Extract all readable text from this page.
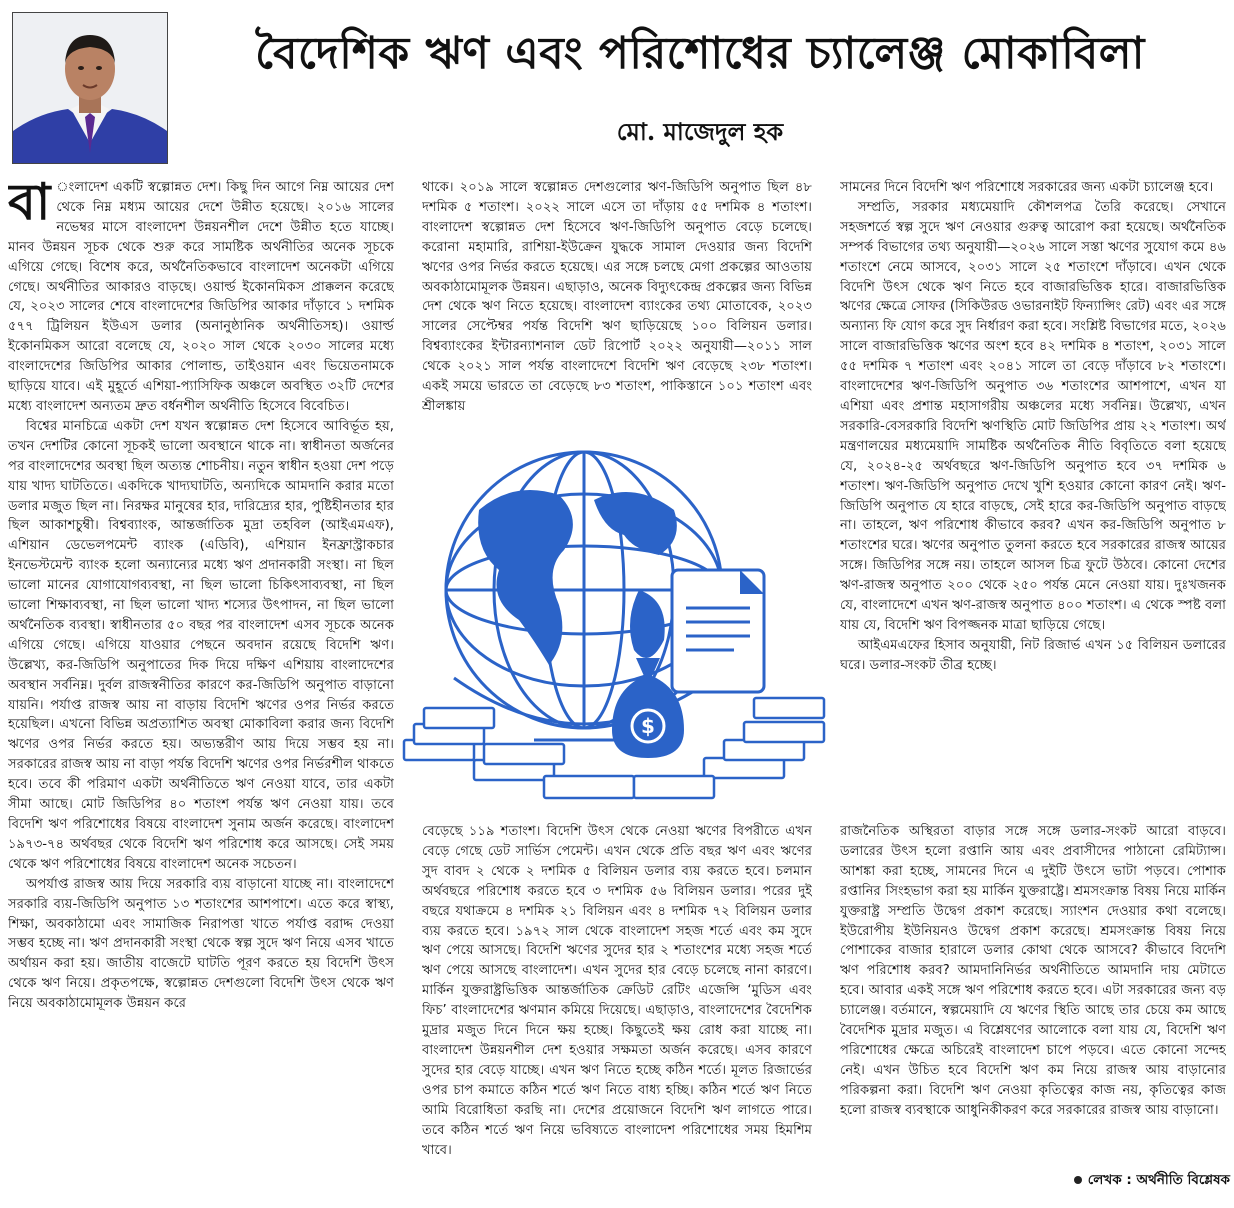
বৈদেশিক ঋণ এবং পরিশোধের চ্যালেঞ্জ মোকাবিলা
মো. মাজেদুল হক

বা ংলাদেশ একটি স্বল্পোন্নত দেশ। কিছু দিন আগে নিম্ন আয়ের দেশ থেকে নিম্ন মধ্যম আয়ের দেশে উন্নীত হয়েছে। ২০১৬ সালের নভেম্বর মাসে বাংলাদেশ উন্নয়নশীল দেশে উন্নীত হতে যাচ্ছে। মানব উন্নয়ন সূচক থেকে শুরু করে সামষ্টিক অর্থনীতির অনেক সূচকে এগিয়ে গেছে। বিশেষ করে, অর্থনৈতিকভাবে বাংলাদেশ অনেকটা এগিয়ে গেছে। অর্থনীতির আকারও বাড়ছে। ওয়ার্ল্ড ইকোনমিকস প্রাক্কলন করেছে যে, ২০২৩ সালের শেষে বাংলাদেশের জিডিপির আকার দাঁড়াবে ১ দশমিক ৫৭৭ ট্রিলিয়ন ইউএস ডলার (অনানুষ্ঠানিক অর্থনীতিসহ)। ওয়ার্ল্ড ইকোনমিকস আরো বলেছে যে, ২০২০ সাল থেকে ২০৩০ সালের মধ্যে বাংলাদেশের জিডিপির আকার পোলান্ড, তাইওয়ান এবং ভিয়েতনামকে ছাড়িয়ে যাবে। এই মুহূর্তে এশিয়া-প্যাসিফিক অঞ্চলে অবস্থিত ৩২টি দেশের মধ্যে বাংলাদেশ অন্যতম দ্রুত বর্ধনশীল অর্থনীতি হিসেবে বিবেচিত।

বিশ্বের মানচিত্রে একটা দেশ যখন স্বল্পোন্নত দেশ হিসেবে আবির্ভূত হয়, তখন দেশটির কোনো সূচকই ভালো অবস্থানে থাকে না। স্বাধীনতা অর্জনের পর বাংলাদেশের অবস্থা ছিল অত্যন্ত শোচনীয়। নতুন স্বাধীন হওয়া দেশ পড়ে যায় খাদ্য ঘাটতিতে। একদিকে খাদ্যঘাটতি, অন্যদিকে আমদানি করার মতো ডলার মজুত ছিল না। নিরক্ষর মানুষের হার, দারিদ্র্যের হার, পুষ্টিহীনতার হার ছিল আকাশচুম্বী। বিশ্বব্যাংক, আন্তর্জাতিক মুদ্রা তহবিল (আইএমএফ), এশিয়ান ডেভেলপমেন্ট ব্যাংক (এডিবি), এশিয়ান ইনফ্রাস্ট্রাকচার ইনভেস্টমেন্ট ব্যাংক হলো অন্যান্যের মধ্যে ঋণ প্রদানকারী সংস্থা। না ছিল ভালো মানের যোগাযোগব্যবস্থা, না ছিল ভালো চিকিৎসাব্যবস্থা, না ছিল ভালো শিক্ষাব্যবস্থা, না ছিল ভালো খাদ্য শস্যের উৎপাদন, না ছিল ভালো অর্থনৈতিক ব্যবস্থা। স্বাধীনতার ৫০ বছর পর বাংলাদেশ এসব সূচকে অনেক এগিয়ে গেছে। এগিয়ে যাওয়ার পেছনে অবদান রয়েছে বিদেশি ঋণ। উল্লেখ্য, কর-জিডিপি অনুপাতের দিক দিয়ে দক্ষিণ এশিয়ায় বাংলাদেশের অবস্থান সর্বনিম্ন। দুর্বল রাজস্বনীতির কারণে কর-জিডিপি অনুপাত বাড়ানো যায়নি। পর্যাপ্ত রাজস্ব আয় না বাড়ায় বিদেশি ঋণের ওপর নির্ভর করতে হয়েছিল। এখনো বিভিন্ন অপ্রত্যাশিত অবস্থা মোকাবিলা করার জন্য বিদেশি ঋণের ওপর নির্ভর করতে হয়। অভ্যন্তরীণ আয় দিয়ে সম্ভব হয় না। সরকারের রাজস্ব আয় না বাড়া পর্যন্ত বিদেশি ঋণের ওপর নির্ভরশীল থাকতে হবে। তবে কী পরিমাণ একটা অর্থনীতিতে ঋণ নেওয়া যাবে, তার একটা সীমা আছে। মোট জিডিপির ৪০ শতাংশ পর্যন্ত ঋণ নেওয়া যায়। তবে বিদেশি ঋণ পরিশোধের বিষয়ে বাংলাদেশ সুনাম অর্জন করেছে। বাংলাদেশ ১৯৭৩-৭৪ অর্থবছর থেকে বিদেশি ঋণ পরিশোধ করে আসছে। সেই সময় থেকে ঋণ পরিশোধের বিষয়ে বাংলাদেশ অনেক সচেতন।

অপর্যাপ্ত রাজস্ব আয় দিয়ে সরকারি ব্যয় বাড়ানো যাচ্ছে না। বাংলাদেশে সরকারি ব্যয়-জিডিপি অনুপাত ১৩ শতাংশের আশপাশে। এতে করে স্বাস্থ্য, শিক্ষা, অবকাঠামো এবং সামাজিক নিরাপত্তা খাতে পর্যাপ্ত বরাদ্দ দেওয়া সম্ভব হচ্ছে না। ঋণ প্রদানকারী সংস্থা থেকে স্বল্প সুদে ঋণ নিয়ে এসব খাতে অর্থায়ন করা হয়। জাতীয় বাজেটে ঘাটতি পূরণ করতে হয় বিদেশি উৎস থেকে ঋণ নিয়ে। প্রকৃতপক্ষে, স্বল্পোন্নত দেশগুলো বিদেশি উৎস থেকে ঋণ নিয়ে অবকাঠামোমূলক উন্নয়ন করে

থাকে। ২০১৯ সালে স্বল্পোন্নত দেশগুলোর ঋণ-জিডিপি অনুপাত ছিল ৪৮ দশমিক ৫ শতাংশ। ২০২২ সালে এসে তা দাঁড়ায় ৫৫ দশমিক ৪ শতাংশ। বাংলাদেশ স্বল্পোন্নত দেশ হিসেবে ঋণ-জিডিপি অনুপাত বেড়ে চলেছে। করোনা মহামারি, রাশিয়া-ইউক্রেন যুদ্ধকে সামাল দেওয়ার জন্য বিদেশি ঋণের ওপর নির্ভর করতে হয়েছে। এর সঙ্গে চলছে মেগা প্রকল্পের আওতায় অবকাঠামোমূলক উন্নয়ন। এছাড়াও, অনেক বিদ্যুৎকেন্দ্র প্রকল্পের জন্য বিভিন্ন দেশ থেকে ঋণ নিতে হয়েছে। বাংলাদেশ ব্যাংকের তথ্য মোতাবেক, ২০২৩ সালের সেপ্টেম্বর পর্যন্ত বিদেশি ঋণ ছাড়িয়েছে ১০০ বিলিয়ন ডলার। বিশ্বব্যাংকের ইন্টারন্যাশনাল ডেট রিপোর্ট ২০২২ অনুযায়ী—২০১১ সাল থেকে ২০২১ সাল পর্যন্ত বাংলাদেশে বিদেশি ঋণ বেড়েছে ২৩৮ শতাংশ। একই সময়ে ভারতে তা বেড়েছে ৮৩ শতাংশ, পাকিস্তানে ১০১ শতাংশ এবং শ্রীলঙ্কায়

$

বেড়েছে ১১৯ শতাংশ। বিদেশি উৎস থেকে নেওয়া ঋণের বিপরীতে এখন বেড়ে গেছে ডেট সার্ভিস পেমেন্ট। এখন থেকে প্রতি বছর ঋণ এবং ঋণের সুদ বাবদ ২ থেকে ২ দশমিক ৫ বিলিয়ন ডলার ব্যয় করতে হবে। চলমান অর্থবছরে পরিশোধ করতে হবে ৩ দশমিক ৫৬ বিলিয়ন ডলার। পরের দুই বছরে যথাক্রমে ৪ দশমিক ২১ বিলিয়ন এবং ৪ দশমিক ৭২ বিলিয়ন ডলার ব্যয় করতে হবে। ১৯৭২ সাল থেকে বাংলাদেশ সহজ শর্তে এবং কম সুদে ঋণ পেয়ে আসছে। বিদেশি ঋণের সুদের হার ২ শতাংশের মধ্যে সহজ শর্তে ঋণ পেয়ে আসছে বাংলাদেশ। এখন সুদের হার বেড়ে চলেছে নানা কারণে। মার্কিন যুক্তরাষ্ট্রভিত্তিক আন্তর্জাতিক ক্রেডিট রেটিং এজেন্সি ‘মুডিস এবং ফিচ’ বাংলাদেশের ঋণমান কমিয়ে দিয়েছে। এছাড়াও, বাংলাদেশের বৈদেশিক মুদ্রার মজুত দিনে দিনে ক্ষয় হচ্ছে। কিছুতেই ক্ষয় রোধ করা যাচ্ছে না। বাংলাদেশ উন্নয়নশীল দেশ হওয়ার সক্ষমতা অর্জন করেছে। এসব কারণে সুদের হার বেড়ে যাচ্ছে। এখন ঋণ নিতে হচ্ছে কঠিন শর্তে। মূলত রিজার্ভের ওপর চাপ কমাতে কঠিন শর্তে ঋণ নিতে বাধ্য হচ্ছি। কঠিন শর্তে ঋণ নিতে আমি বিরোধিতা করছি না। দেশের প্রয়োজনে বিদেশি ঋণ লাগতে পারে। তবে কঠিন শর্তে ঋণ নিয়ে ভবিষ্যতে বাংলাদেশ পরিশোধের সময় হিমশিম খাবে।

সামনের দিনে বিদেশি ঋণ পরিশোধে সরকারের জন্য একটা চ্যালেঞ্জ হবে।

সম্প্রতি, সরকার মধ্যমেয়াদি কৌশলপত্র তৈরি করেছে। সেখানে সহজশর্তে স্বল্প সুদে ঋণ নেওয়ার গুরুত্ব আরোপ করা হয়েছে। অর্থনৈতিক সম্পর্ক বিভাগের তথ্য অনুযায়ী—২০২৬ সালে সস্তা ঋণের সুযোগ কমে ৪৬ শতাংশে নেমে আসবে, ২০৩১ সালে ২৫ শতাংশে দাঁড়াবে। এখন থেকে বিদেশি উৎস থেকে ঋণ নিতে হবে বাজারভিত্তিক হারে। বাজারভিত্তিক ঋণের ক্ষেত্রে সোফর (সিকিউরড ওভারনাইট ফিন্যান্সিং রেট) এবং এর সঙ্গে অন্যান্য ফি যোগ করে সুদ নির্ধারণ করা হবে। সংশ্লিষ্ট বিভাগের মতে, ২০২৬ সালে বাজারভিত্তিক ঋণের অংশ হবে ৪২ দশমিক ৪ শতাংশ, ২০৩১ সালে ৫৫ দশমিক ৭ শতাংশ এবং ২০৪১ সালে তা বেড়ে দাঁড়াবে ৮২ শতাংশে। বাংলাদেশের ঋণ-জিডিপি অনুপাত ৩৬ শতাংশের আশপাশে, এখন যা এশিয়া এবং প্রশান্ত মহাসাগরীয় অঞ্চলের মধ্যে সর্বনিম্ন। উল্লেখ্য, এখন সরকারি-বেসরকারি বিদেশি ঋণস্থিতি মোট জিডিপির প্রায় ২২ শতাংশ। অর্থ মন্ত্রণালয়ের মধ্যমেয়াদি সামষ্টিক অর্থনৈতিক নীতি বিবৃতিতে বলা হয়েছে যে, ২০২৪-২৫ অর্থবছরে ঋণ-জিডিপি অনুপাত হবে ৩৭ দশমিক ৬ শতাংশ। ঋণ-জিডিপি অনুপাত দেখে খুশি হওয়ার কোনো কারণ নেই। ঋণ-জিডিপি অনুপাত যে হারে বাড়ছে, সেই হারে কর-জিডিপি অনুপাত বাড়ছে না। তাহলে, ঋণ পরিশোধ কীভাবে করব? এখন কর-জিডিপি অনুপাত ৮ শতাংশের ঘরে। ঋণের অনুপাত তুলনা করতে হবে সরকারের রাজস্ব আয়ের সঙ্গে। জিডিপির সঙ্গে নয়। তাহলে আসল চিত্র ফুটে উঠবে। কোনো দেশের ঋণ-রাজস্ব অনুপাত ২০০ থেকে ২৫০ পর্যন্ত মেনে নেওয়া যায়। দুঃখজনক যে, বাংলাদেশে এখন ঋণ-রাজস্ব অনুপাত ৪০০ শতাংশ। এ থেকে স্পষ্ট বলা যায় যে, বিদেশি ঋণ বিপজ্জনক মাত্রা ছাড়িয়ে গেছে।

আইএমএফের হিসাব অনুযায়ী, নিট রিজার্ভ এখন ১৫ বিলিয়ন ডলারের ঘরে। ডলার-সংকট তীব্র হচ্ছে।

রাজনৈতিক অস্থিরতা বাড়ার সঙ্গে সঙ্গে ডলার-সংকট আরো বাড়বে। ডলারের উৎস হলো রপ্তানি আয় এবং প্রবাসীদের পাঠানো রেমিট্যান্স। আশঙ্কা করা হচ্ছে, সামনের দিনে এ দুইটি উৎসে ভাটা পড়বে। পোশাক রপ্তানির সিংহভাগ করা হয় মার্কিন যুক্তরাষ্ট্রে। শ্রমসংক্রান্ত বিষয় নিয়ে মার্কিন যুক্তরাষ্ট্র সম্প্রতি উদ্বেগ প্রকাশ করেছে। স্যাংশন দেওয়ার কথা বলেছে। ইউরোপীয় ইউনিয়নও উদ্বেগ প্রকাশ করেছে। শ্রমসংক্রান্ত বিষয় নিয়ে পোশাকের বাজার হারালে ডলার কোথা থেকে আসবে? কীভাবে বিদেশি ঋণ পরিশোধ করব? আমদানিনির্ভর অর্থনীতিতে আমদানি দায় মেটাতে হবে। আবার একই সঙ্গে ঋণ পরিশোধ করতে হবে। এটা সরকারের জন্য বড় চ্যালেঞ্জ। বর্তমানে, স্বল্পমেয়াদি যে ঋণের স্থিতি আছে তার চেয়ে কম আছে বৈদেশিক মুদ্রার মজুত। এ বিশ্লেষণের আলোকে বলা যায় যে, বিদেশি ঋণ পরিশোধের ক্ষেত্রে অচিরেই বাংলাদেশ চাপে পড়বে। এতে কোনো সন্দেহ নেই। এখন উচিত হবে বিদেশি ঋণ কম নিয়ে রাজস্ব আয় বাড়ানোর পরিকল্পনা করা। বিদেশি ঋণ নেওয়া কৃতিত্বের কাজ নয়, কৃতিত্বের কাজ হলো রাজস্ব ব্যবস্থাকে আধুনিকীকরণ করে সরকারের রাজস্ব আয় বাড়ানো।

লেখক : অর্থনীতি বিশ্লেষক
